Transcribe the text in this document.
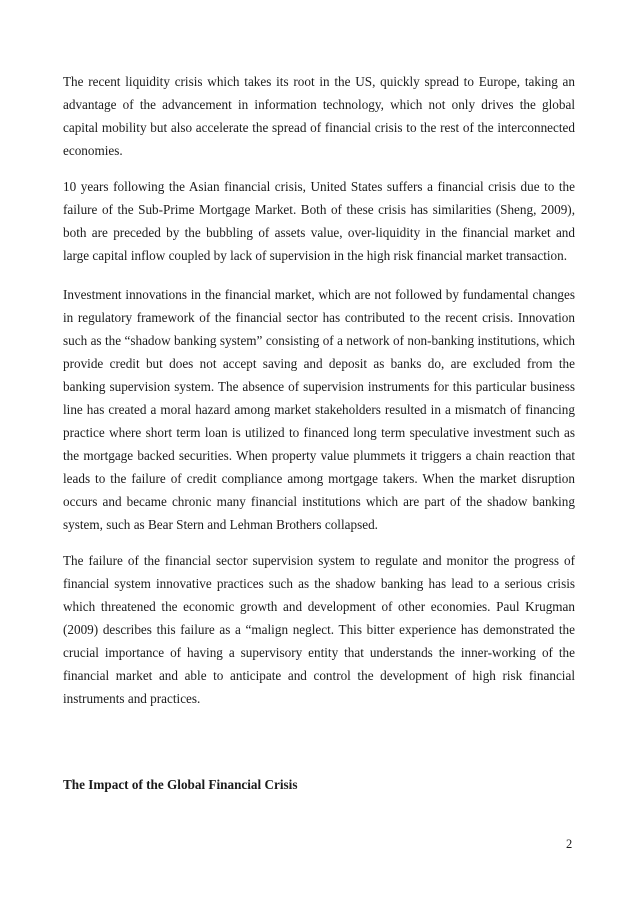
The recent liquidity crisis which takes its root in the US, quickly spread to Europe, taking an advantage of the advancement in information technology, which not only drives the global capital mobility but also accelerate the spread of financial crisis to the rest of the interconnected economies.

10 years following the Asian financial crisis, United States suffers a financial crisis due to the failure of the Sub-Prime Mortgage Market. Both of these crisis has similarities (Sheng, 2009), both are preceded by the bubbling of assets value, over-liquidity in the financial market and large capital inflow coupled by lack of supervision in the high risk financial market transaction.

Investment innovations in the financial market, which are not followed by fundamental changes in regulatory framework of the financial sector has contributed to the recent crisis. Innovation such as the “shadow banking system” consisting of a network of non-banking institutions, which provide credit but does not accept saving and deposit as banks do, are excluded from the banking supervision system. The absence of supervision instruments for this particular business line has created a moral hazard among market stakeholders resulted in a mismatch of financing practice where short term loan is utilized to financed long term speculative investment such as the mortgage backed securities. When property value plummets it triggers a chain reaction that leads to the failure of credit compliance among mortgage takers. When the market disruption occurs and became chronic many financial institutions which are part of the shadow banking system, such as Bear Stern and Lehman Brothers collapsed.

The failure of the financial sector supervision system to regulate and monitor the progress of financial system innovative practices such as the shadow banking has lead to a serious crisis which threatened the economic growth and development of other economies. Paul Krugman (2009) describes this failure as a “malign neglect. This bitter experience has demonstrated the crucial importance of having a supervisory entity that understands the inner-working of the financial market and able to anticipate and control the development of high risk financial instruments and practices.

The Impact of the Global Financial Crisis
2
